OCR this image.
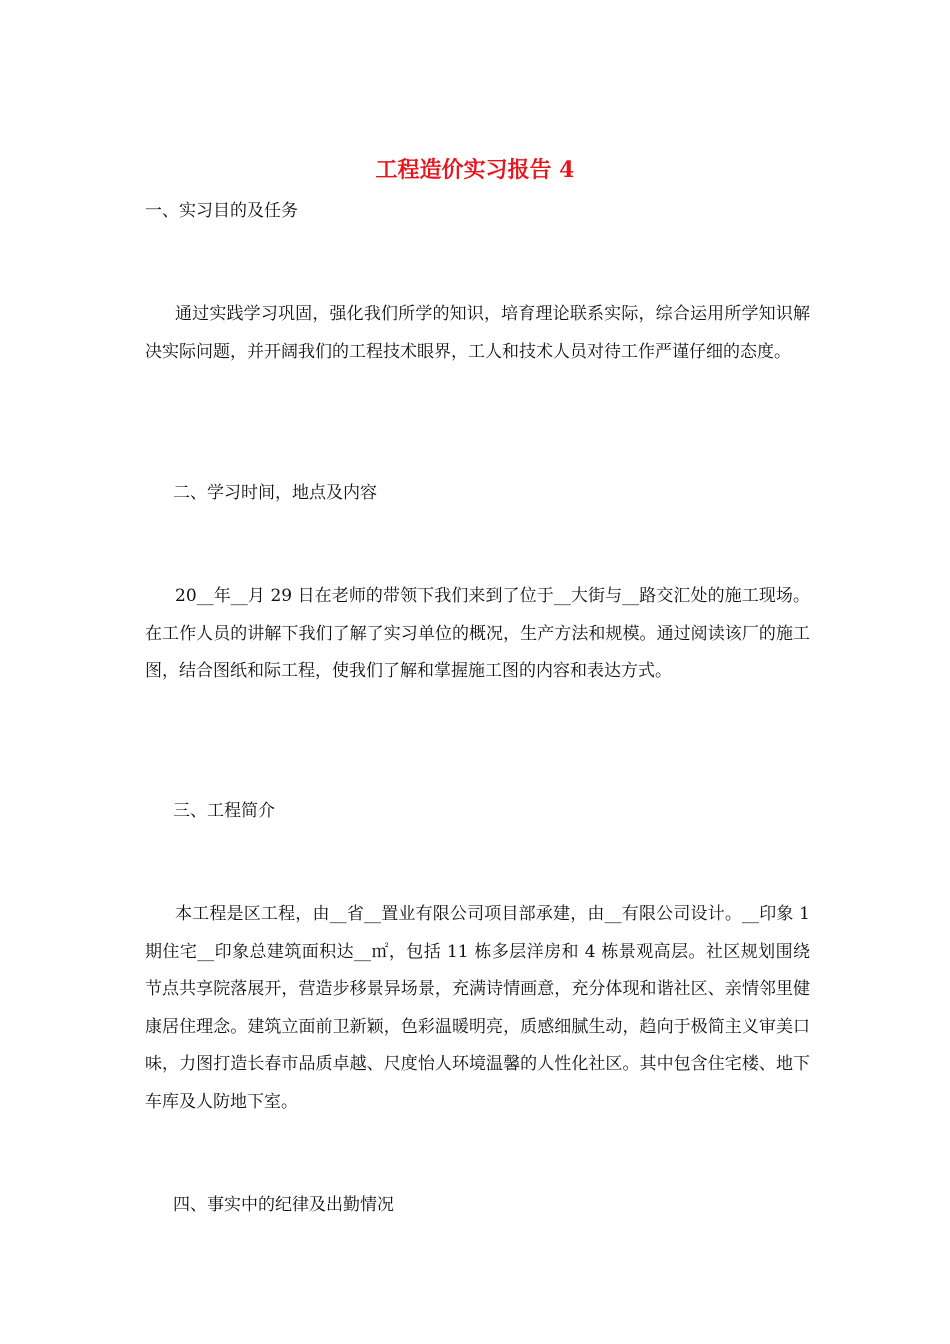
工程造价实习报告 4

一、实习目的及任务

通过实践学习巩固，强化我们所学的知识，培育理论联系实际，综合运用所学知识解决实际问题，并开阔我们的工程技术眼界，工人和技术人员对待工作严谨仔细的态度。

二、学习时间，地点及内容

20__年__月 29 日在老师的带领下我们来到了位于__大街与__路交汇处的施工现场。在工作人员的讲解下我们了解了实习单位的概况，生产方法和规模。通过阅读该厂的施工图，结合图纸和际工程，使我们了解和掌握施工图的内容和表达方式。

三、工程简介

本工程是区工程，由__省__置业有限公司项目部承建，由__有限公司设计。__印象 1 期住宅__印象总建筑面积达__㎡，包括 11 栋多层洋房和 4 栋景观高层。社区规划围绕节点共享院落展开，营造步移景异场景，充满诗情画意，充分体现和谐社区、亲情邻里健康居住理念。建筑立面前卫新颖，色彩温暖明亮，质感细腻生动，趋向于极简主义审美口味，力图打造长春市品质卓越、尺度怡人环境温馨的人性化社区。其中包含住宅楼、地下车库及人防地下室。

四、事实中的纪律及出勤情况
